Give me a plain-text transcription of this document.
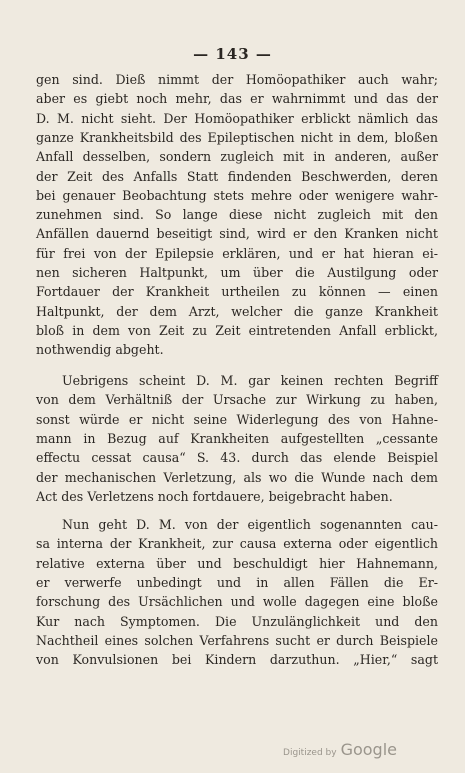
— 143 —
gen sind. Dieß nimmt der Homöopathiker auch wahr;
aber es giebt noch mehr, das er wahrnimmt und das der
D. M. nicht sieht. Der Homöopathiker erblickt nämlich das
ganze Krankheitsbild des Epileptischen nicht in dem, bloßen
Anfall desselben, sondern zugleich mit in anderen, außer
der Zeit des Anfalls Statt findenden Beschwerden, deren
bei genauer Beobachtung stets mehre oder wenigere wahr-
zunehmen sind. So lange diese nicht zugleich mit den
Anfällen dauernd beseitigt sind, wird er den Kranken nicht
für frei von der Epilepsie erklären, und er hat hieran ei-
nen sicheren Haltpunkt, um über die Austilgung oder
Fortdauer der Krankheit urtheilen zu können — einen
Haltpunkt, der dem Arzt, welcher die ganze Krankheit
bloß in dem von Zeit zu Zeit eintretenden Anfall erblickt,
nothwendig abgeht.
Uebrigens scheint D. M. gar keinen rechten Begriff
von dem Verhältniß der Ursache zur Wirkung zu haben,
sonst würde er nicht seine Widerlegung des von Hahne-
mann in Bezug auf Krankheiten aufgestellten „cessante
effectu cessat causa“ S. 43. durch das elende Beispiel
der mechanischen Verletzung, als wo die Wunde nach dem
Act des Verletzens noch fortdauere, beigebracht haben.
Nun geht D. M. von der eigentlich sogenannten cau-
sa interna der Krankheit, zur causa externa oder eigentlich
relative externa über und beschuldigt hier Hahnemann,
er verwerfe unbedingt und in allen Fällen die Er-
forschung des Ursächlichen und wolle dagegen eine bloße
Kur nach Symptomen. Die Unzulänglichkeit und den
Nachtheil eines solchen Verfahrens sucht er durch Beispiele
von Konvulsionen bei Kindern darzuthun. „Hier,“ sagt
Digitized by Google
